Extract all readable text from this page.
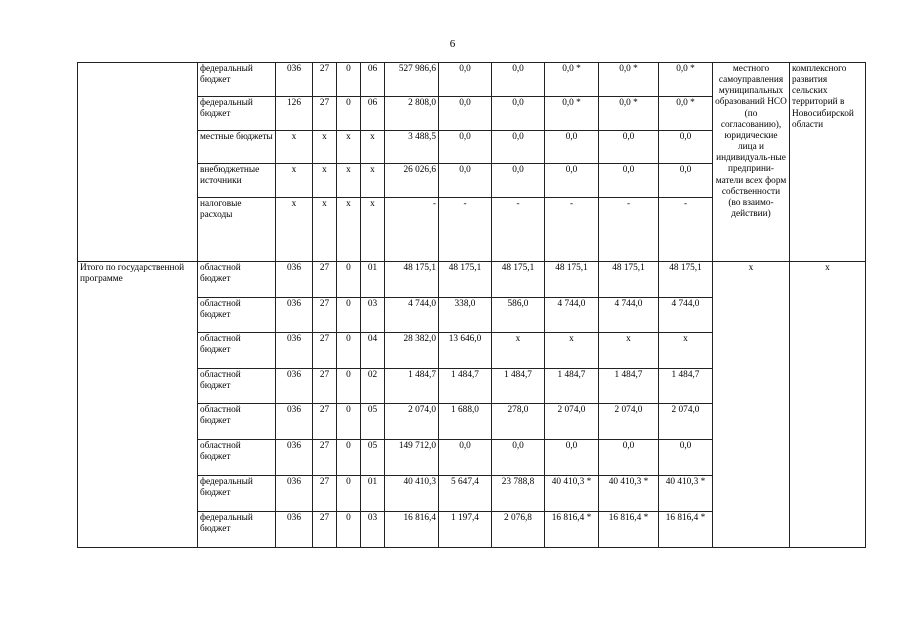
6
	федеральный бюджет	036	27	0	06	527 986,6	0,0	0,0	0,0 *	0,0 *	0,0 *	местного самоуправления муниципальных образований НСО (по согласованию), юридические лица и индивидуаль-ные предприни-матели всех форм собственности (во взаимо-действии)	комплексного развития сельских территорий в Новосибирской области
	федеральный бюджет	126	27	0	06	2 808,0	0,0	0,0	0,0 *	0,0 *	0,0 *		
	местные бюджеты	х	х	х	х	3 488,5	0,0	0,0	0,0	0,0	0,0		
	внебюджетные источники	х	х	х	х	26 026,6	0,0	0,0	0,0	0,0	0,0		
	налоговые расходы	х	х	х	х	-	-	-	-	-	-		
Итого по государственной программе	областной бюджет	036	27	0	01	48 175,1	48 175,1	48 175,1	48 175,1	48 175,1	48 175,1	х	х
	областной бюджет	036	27	0	03	4 744,0	338,0	586,0	4 744,0	4 744,0	4 744,0		
	областной бюджет	036	27	0	04	28 382,0	13 646,0	х	х	х	х		
	областной бюджет	036	27	0	02	1 484,7	1 484,7	1 484,7	1 484,7	1 484,7	1 484,7		
	областной бюджет	036	27	0	05	2 074,0	1 688,0	278,0	2 074,0	2 074,0	2 074,0		
	областной бюджет	036	27	0	05	149 712,0	0,0	0,0	0,0	0,0	0,0		
	федеральный бюджет	036	27	0	01	40 410,3	5 647,4	23 788,8	40 410,3 *	40 410,3 *	40 410,3 *		
	федеральный бюджет	036	27	0	03	16 816,4	1 197,4	2 076,8	16 816,4 *	16 816,4 *	16 816,4 *		
